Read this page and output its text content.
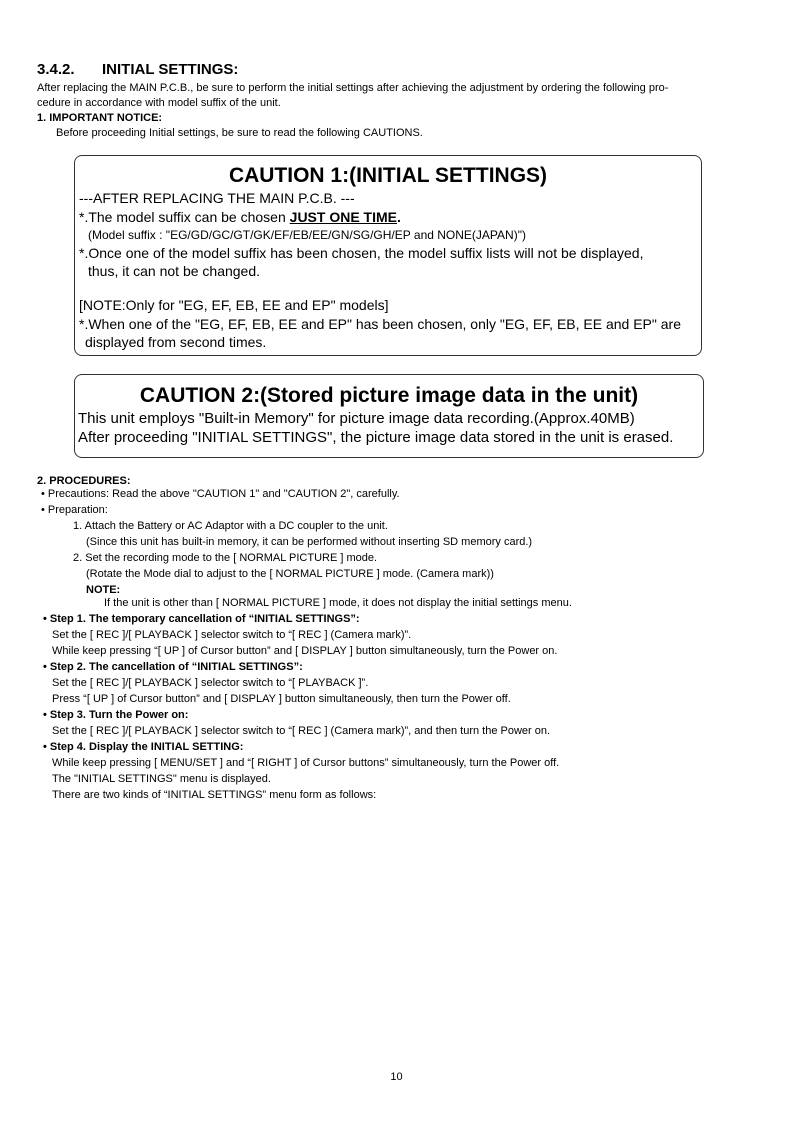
3.4.2. INITIAL SETTINGS:
After replacing the MAIN P.C.B., be sure to perform the initial settings after achieving the adjustment by ordering the following pro-
cedure in accordance with model suffix of the unit.
1. IMPORTANT NOTICE:
Before proceeding Initial settings, be sure to read the following CAUTIONS.
CAUTION 1:(INITIAL SETTINGS)
---AFTER REPLACING THE MAIN P.C.B. ---
*.The model suffix can be chosen JUST ONE TIME.
(Model suffix : "EG/GD/GC/GT/GK/EF/EB/EE/GN/SG/GH/EP and NONE(JAPAN)")
*.Once one of the model suffix has been chosen, the model suffix lists will not be displayed,
thus, it can not be changed.
[NOTE:Only for "EG, EF, EB, EE and EP" models]
*.When one of the "EG, EF, EB, EE and EP" has been chosen, only "EG, EF, EB, EE and EP" are
displayed from second times.
CAUTION 2:(Stored picture image data in the unit)
This unit employs "Built-in Memory" for picture image data recording.(Approx.40MB)
After proceeding "INITIAL SETTINGS", the picture image data stored in the unit is erased.
2. PROCEDURES:
• Precautions: Read the above "CAUTION 1" and "CAUTION 2", carefully.
• Preparation:
1. Attach the Battery or AC Adaptor with a DC coupler to the unit.
(Since this unit has built-in memory, it can be performed without inserting SD memory card.)
2. Set the recording mode to the [ NORMAL PICTURE ] mode.
(Rotate the Mode dial to adjust to the [ NORMAL PICTURE ] mode. (Camera mark))
NOTE:
If the unit is other than [ NORMAL PICTURE ] mode, it does not display the initial settings menu.
• Step 1. The temporary cancellation of “INITIAL SETTINGS”:
Set the [ REC ]/[ PLAYBACK ] selector switch to “[ REC ] (Camera mark)”.
While keep pressing “[ UP ] of Cursor button” and [ DISPLAY ] button simultaneously, turn the Power on.
• Step 2. The cancellation of “INITIAL SETTINGS”:
Set the [ REC ]/[ PLAYBACK ] selector switch to “[ PLAYBACK ]”.
Press “[ UP ] of Cursor button” and [ DISPLAY ] button simultaneously, then turn the Power off.
• Step 3. Turn the Power on:
Set the [ REC ]/[ PLAYBACK ] selector switch to “[ REC ] (Camera mark)”, and then turn the Power on.
• Step 4. Display the INITIAL SETTING:
While keep pressing [ MENU/SET ] and “[ RIGHT ] of Cursor buttons” simultaneously, turn the Power off.
The "INITIAL SETTINGS" menu is displayed.
There are two kinds of “INITIAL SETTINGS” menu form as follows:
10
